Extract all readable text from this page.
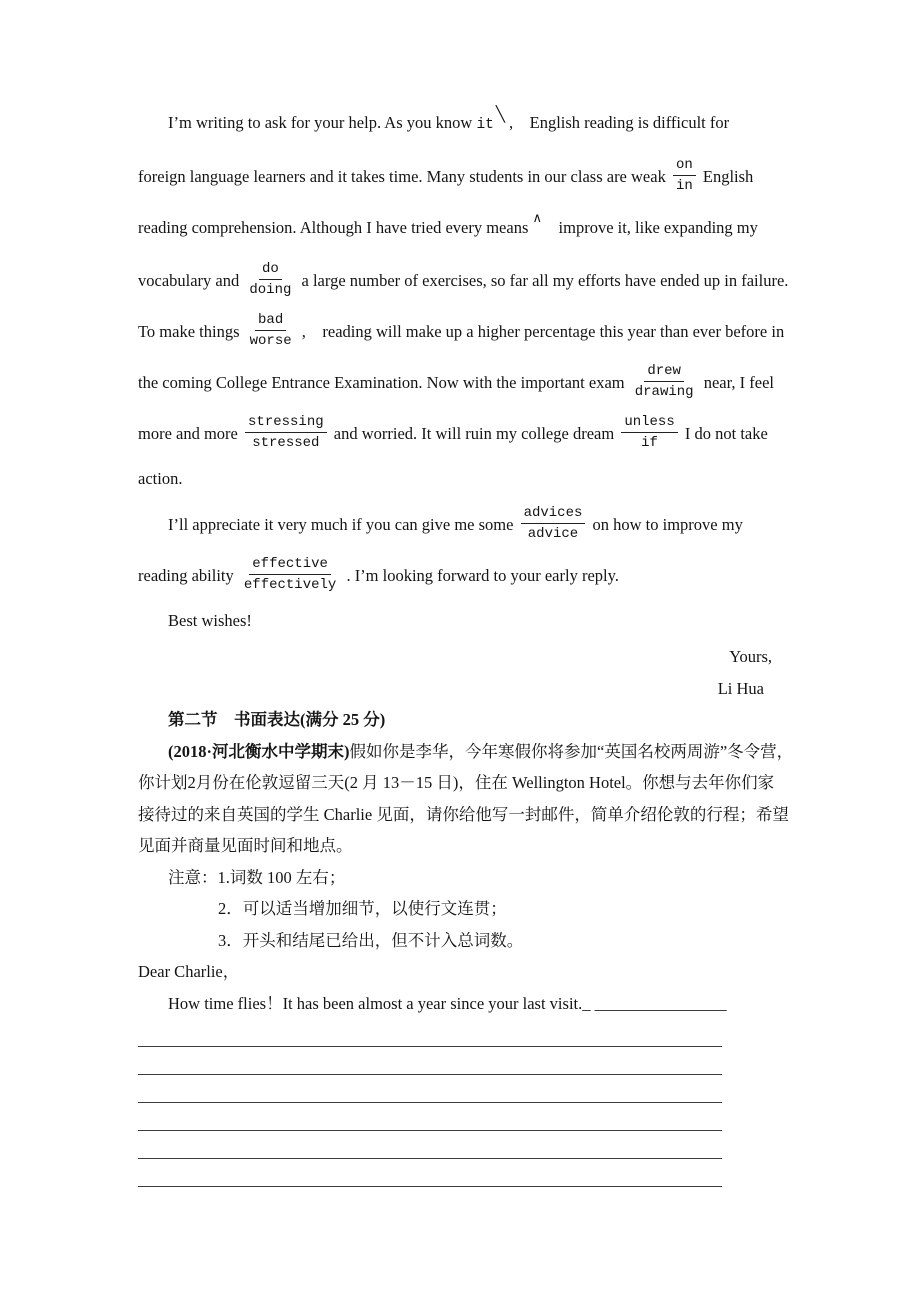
I’m writing to ask for your help. As you know it╲ ,    English reading is difficult for
foreign language learners and it takes time. Many students in our class are weak $\frac{on}{in}$ English
reading comprehension. Although I have tried every means ∧    improve it, like expanding my
vocabulary and $\frac{do}{\text{doing}}$ a large number of exercises, so far all my efforts have ended up in failure.
To make things $\frac{\text{bad}}{\text{worse}}$ ,    reading will make up a higher percentage this year than ever before in
the coming College Entrance Examination. Now with the important exam $\frac{\text{drew}}{\text{drawing}}$ near, I feel
more and more $\frac{\text{stressing}}{\text{stressed}}$ and worried. It will ruin my college dream $\frac{\text{unless}}{if}$ I do not take
action.
I’ll appreciate it very much if you can give me some $\frac{\text{advices}}{\text{advice}}$ on how to improve my
reading ability $\frac{\text{effective}}{\text{effectively}}$ . I’m looking forward to your early reply.
Best wishes!
Yours,
Li Hua
第二节　书面表达(满分 25 分)
(2018·河北衡水中学期末)假如你是李华，今年寒假你将参加“英国名校两周游”冬令营，
你计划2月份在伦敦逗留三天(2 月 13－15 日)，住在 Wellington Hotel。你想与去年你们家
接待过的来自英国的学生 Charlie 见面，请你给他写一封邮件，简单介绍伦敦的行程；希望
见面并商量见面时间和地点。
注意：1.词数 100 左右；
2．可以适当增加细节，以使行文连贯；
3．开头和结尾已给出，但不计入总词数。
Dear Charlie，
How time flies！It has been almost a year since your last visit._ ________________
